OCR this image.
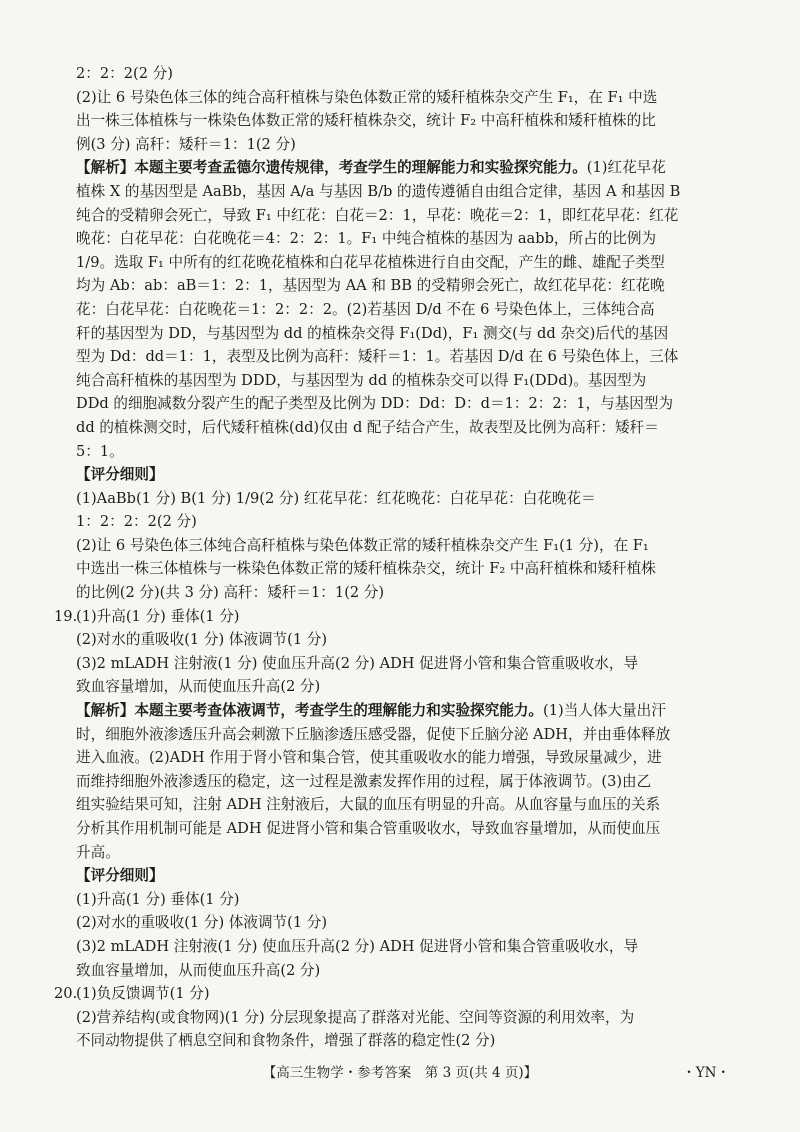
2：2：2(2 分)
(2)让 6 号染色体三体的纯合高秆植株与染色体数正常的矮秆植株杂交产生 F₁，在 F₁ 中选
出一株三体植株与一株染色体数正常的矮秆植株杂交，统计 F₂ 中高秆植株和矮秆植株的比
例(3 分) 高秆：矮秆＝1：1(2 分)
【解析】本题主要考查孟德尔遗传规律，考查学生的理解能力和实验探究能力。(1)红花早花
植株 X 的基因型是 AaBb，基因 A/a 与基因 B/b 的遗传遵循自由组合定律，基因 A 和基因 B
纯合的受精卵会死亡，导致 F₁ 中红花：白花＝2：1，早花：晚花＝2：1，即红花早花：红花
晚花：白花早花：白花晚花＝4：2：2：1。F₁ 中纯合植株的基因为 aabb，所占的比例为
1/9。选取 F₁ 中所有的红花晚花植株和白花早花植株进行自由交配，产生的雌、雄配子类型
均为 Ab：ab：aB＝1：2：1，基因型为 AA 和 BB 的受精卵会死亡，故红花早花：红花晚
花：白花早花：白花晚花＝1：2：2：2。(2)若基因 D/d 不在 6 号染色体上，三体纯合高
秆的基因型为 DD，与基因型为 dd 的植株杂交得 F₁(Dd)，F₁ 测交(与 dd 杂交)后代的基因
型为 Dd：dd＝1：1，表型及比例为高秆：矮秆＝1：1。若基因 D/d 在 6 号染色体上，三体
纯合高秆植株的基因型为 DDD，与基因型为 dd 的植株杂交可以得 F₁(DDd)。基因型为
DDd 的细胞减数分裂产生的配子类型及比例为 DD：Dd：D：d＝1：2：2：1，与基因型为
dd 的植株测交时，后代矮秆植株(dd)仅由 d 配子结合产生，故表型及比例为高秆：矮秆＝
5：1。
【评分细则】
(1)AaBb(1 分) B(1 分) 1/9(2 分) 红花早花：红花晚花：白花早花：白花晚花＝
1：2：2：2(2 分)
(2)让 6 号染色体三体纯合高秆植株与染色体数正常的矮秆植株杂交产生 F₁(1 分)，在 F₁
中选出一株三体植株与一株染色体数正常的矮秆植株杂交，统计 F₂ 中高秆植株和矮秆植株
的比例(2 分)(共 3 分) 高秆：矮秆＝1：1(2 分)
19.(1)升高(1 分) 垂体(1 分)
(2)对水的重吸收(1 分) 体液调节(1 分)
(3)2 mLADH 注射液(1 分) 使血压升高(2 分) ADH 促进肾小管和集合管重吸收水，导
致血容量增加，从而使血压升高(2 分)
【解析】本题主要考查体液调节，考查学生的理解能力和实验探究能力。(1)当人体大量出汗
时，细胞外液渗透压升高会刺激下丘脑渗透压感受器，促使下丘脑分泌 ADH，并由垂体释放
进入血液。(2)ADH 作用于肾小管和集合管，使其重吸收水的能力增强，导致尿量减少，进
而维持细胞外液渗透压的稳定，这一过程是激素发挥作用的过程，属于体液调节。(3)由乙
组实验结果可知，注射 ADH 注射液后，大鼠的血压有明显的升高。从血容量与血压的关系
分析其作用机制可能是 ADH 促进肾小管和集合管重吸收水，导致血容量增加，从而使血压
升高。
【评分细则】
(1)升高(1 分) 垂体(1 分)
(2)对水的重吸收(1 分) 体液调节(1 分)
(3)2 mLADH 注射液(1 分) 使血压升高(2 分) ADH 促进肾小管和集合管重吸收水，导
致血容量增加，从而使血压升高(2 分)
20.(1)负反馈调节(1 分)
(2)营养结构(或食物网)(1 分) 分层现象提高了群落对光能、空间等资源的利用效率，为
不同动物提供了栖息空间和食物条件，增强了群落的稳定性(2 分)
【高三生物学・参考答案　第 3 页(共 4 页)】	・YN・
